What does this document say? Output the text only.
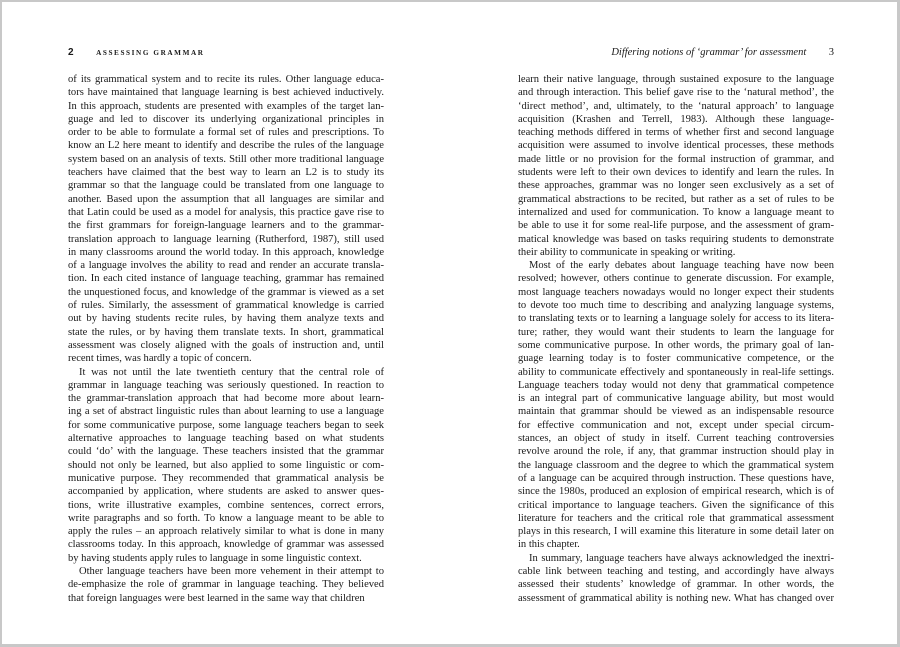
2	ASSESSING GRAMMAR
of its grammatical system and to recite its rules. Other language educa-
tors have maintained that language learning is best achieved inductively.
In this approach, students are presented with examples of the target lan-
guage and led to discover its underlying organizational principles in
order to be able to formulate a formal set of rules and prescriptions. To
know an L2 here meant to identify and describe the rules of the language
system based on an analysis of texts. Still other more traditional language
teachers have claimed that the best way to learn an L2 is to study its
grammar so that the language could be translated from one language to
another. Based upon the assumption that all languages are similar and
that Latin could be used as a model for analysis, this practice gave rise to
the first grammars for foreign-language learners and to the grammar-
translation approach to language learning (Rutherford, 1987), still used
in many classrooms around the world today. In this approach, knowledge
of a language involves the ability to read and render an accurate transla-
tion. In each cited instance of language teaching, grammar has remained
the unquestioned focus, and knowledge of the grammar is viewed as a set
of rules. Similarly, the assessment of grammatical knowledge is carried
out by having students recite rules, by having them analyze texts and
state the rules, or by having them translate texts. In short, grammatical
assessment was closely aligned with the goals of instruction and, until
recent times, was hardly a topic of concern.
It was not until the late twentieth century that the central role of
grammar in language teaching was seriously questioned. In reaction to
the grammar-translation approach that had become more about learn-
ing a set of abstract linguistic rules than about learning to use a language
for some communicative purpose, some language teachers began to seek
alternative approaches to language teaching based on what students
could ‘do’ with the language. These teachers insisted that the grammar
should not only be learned, but also applied to some linguistic or com-
municative purpose. They recommended that grammatical analysis be
accompanied by application, where students are asked to answer ques-
tions, write illustrative examples, combine sentences, correct errors,
write paragraphs and so forth. To know a language meant to be able to
apply the rules – an approach relatively similar to what is done in many
classrooms today. In this approach, knowledge of grammar was assessed
by having students apply rules to language in some linguistic context.
Other language teachers have been more vehement in their attempt to
de-emphasize the role of grammar in language teaching. They believed
that foreign languages were best learned in the same way that children
Differing notions of ‘grammar’ for assessment 3
learn their native language, through sustained exposure to the language
and through interaction. This belief gave rise to the ‘natural method’, the
‘direct method’, and, ultimately, to the ‘natural approach’ to language
acquisition (Krashen and Terrell, 1983). Although these language-
teaching methods differed in terms of whether first and second language
acquisition were assumed to involve identical processes, these methods
made little or no provision for the formal instruction of grammar, and
students were left to their own devices to identify and learn the rules. In
these approaches, grammar was no longer seen exclusively as a set of
grammatical abstractions to be recited, but rather as a set of rules to be
internalized and used for communication. To know a language meant to
be able to use it for some real-life purpose, and the assessment of gram-
matical knowledge was based on tasks requiring students to demonstrate
their ability to communicate in speaking or writing.
Most of the early debates about language teaching have now been
resolved; however, others continue to generate discussion. For example,
most language teachers nowadays would no longer expect their students
to devote too much time to describing and analyzing language systems,
to translating texts or to learning a language solely for access to its litera-
ture; rather, they would want their students to learn the language for
some communicative purpose. In other words, the primary goal of lan-
guage learning today is to foster communicative competence, or the
ability to communicate effectively and spontaneously in real-life settings.
Language teachers today would not deny that grammatical competence
is an integral part of communicative language ability, but most would
maintain that grammar should be viewed as an indispensable resource
for effective communication and not, except under special circum-
stances, an object of study in itself. Current teaching controversies
revolve around the role, if any, that grammar instruction should play in
the language classroom and the degree to which the grammatical system
of a language can be acquired through instruction. These questions have,
since the 1980s, produced an explosion of empirical research, which is of
critical importance to language teachers. Given the significance of this
literature for teachers and the critical role that grammatical assessment
plays in this research, I will examine this literature in some detail later on
in this chapter.
In summary, language teachers have always acknowledged the inextri-
cable link between teaching and testing, and accordingly have always
assessed their students’ knowledge of grammar. In other words, the
assessment of grammatical ability is nothing new. What has changed over
